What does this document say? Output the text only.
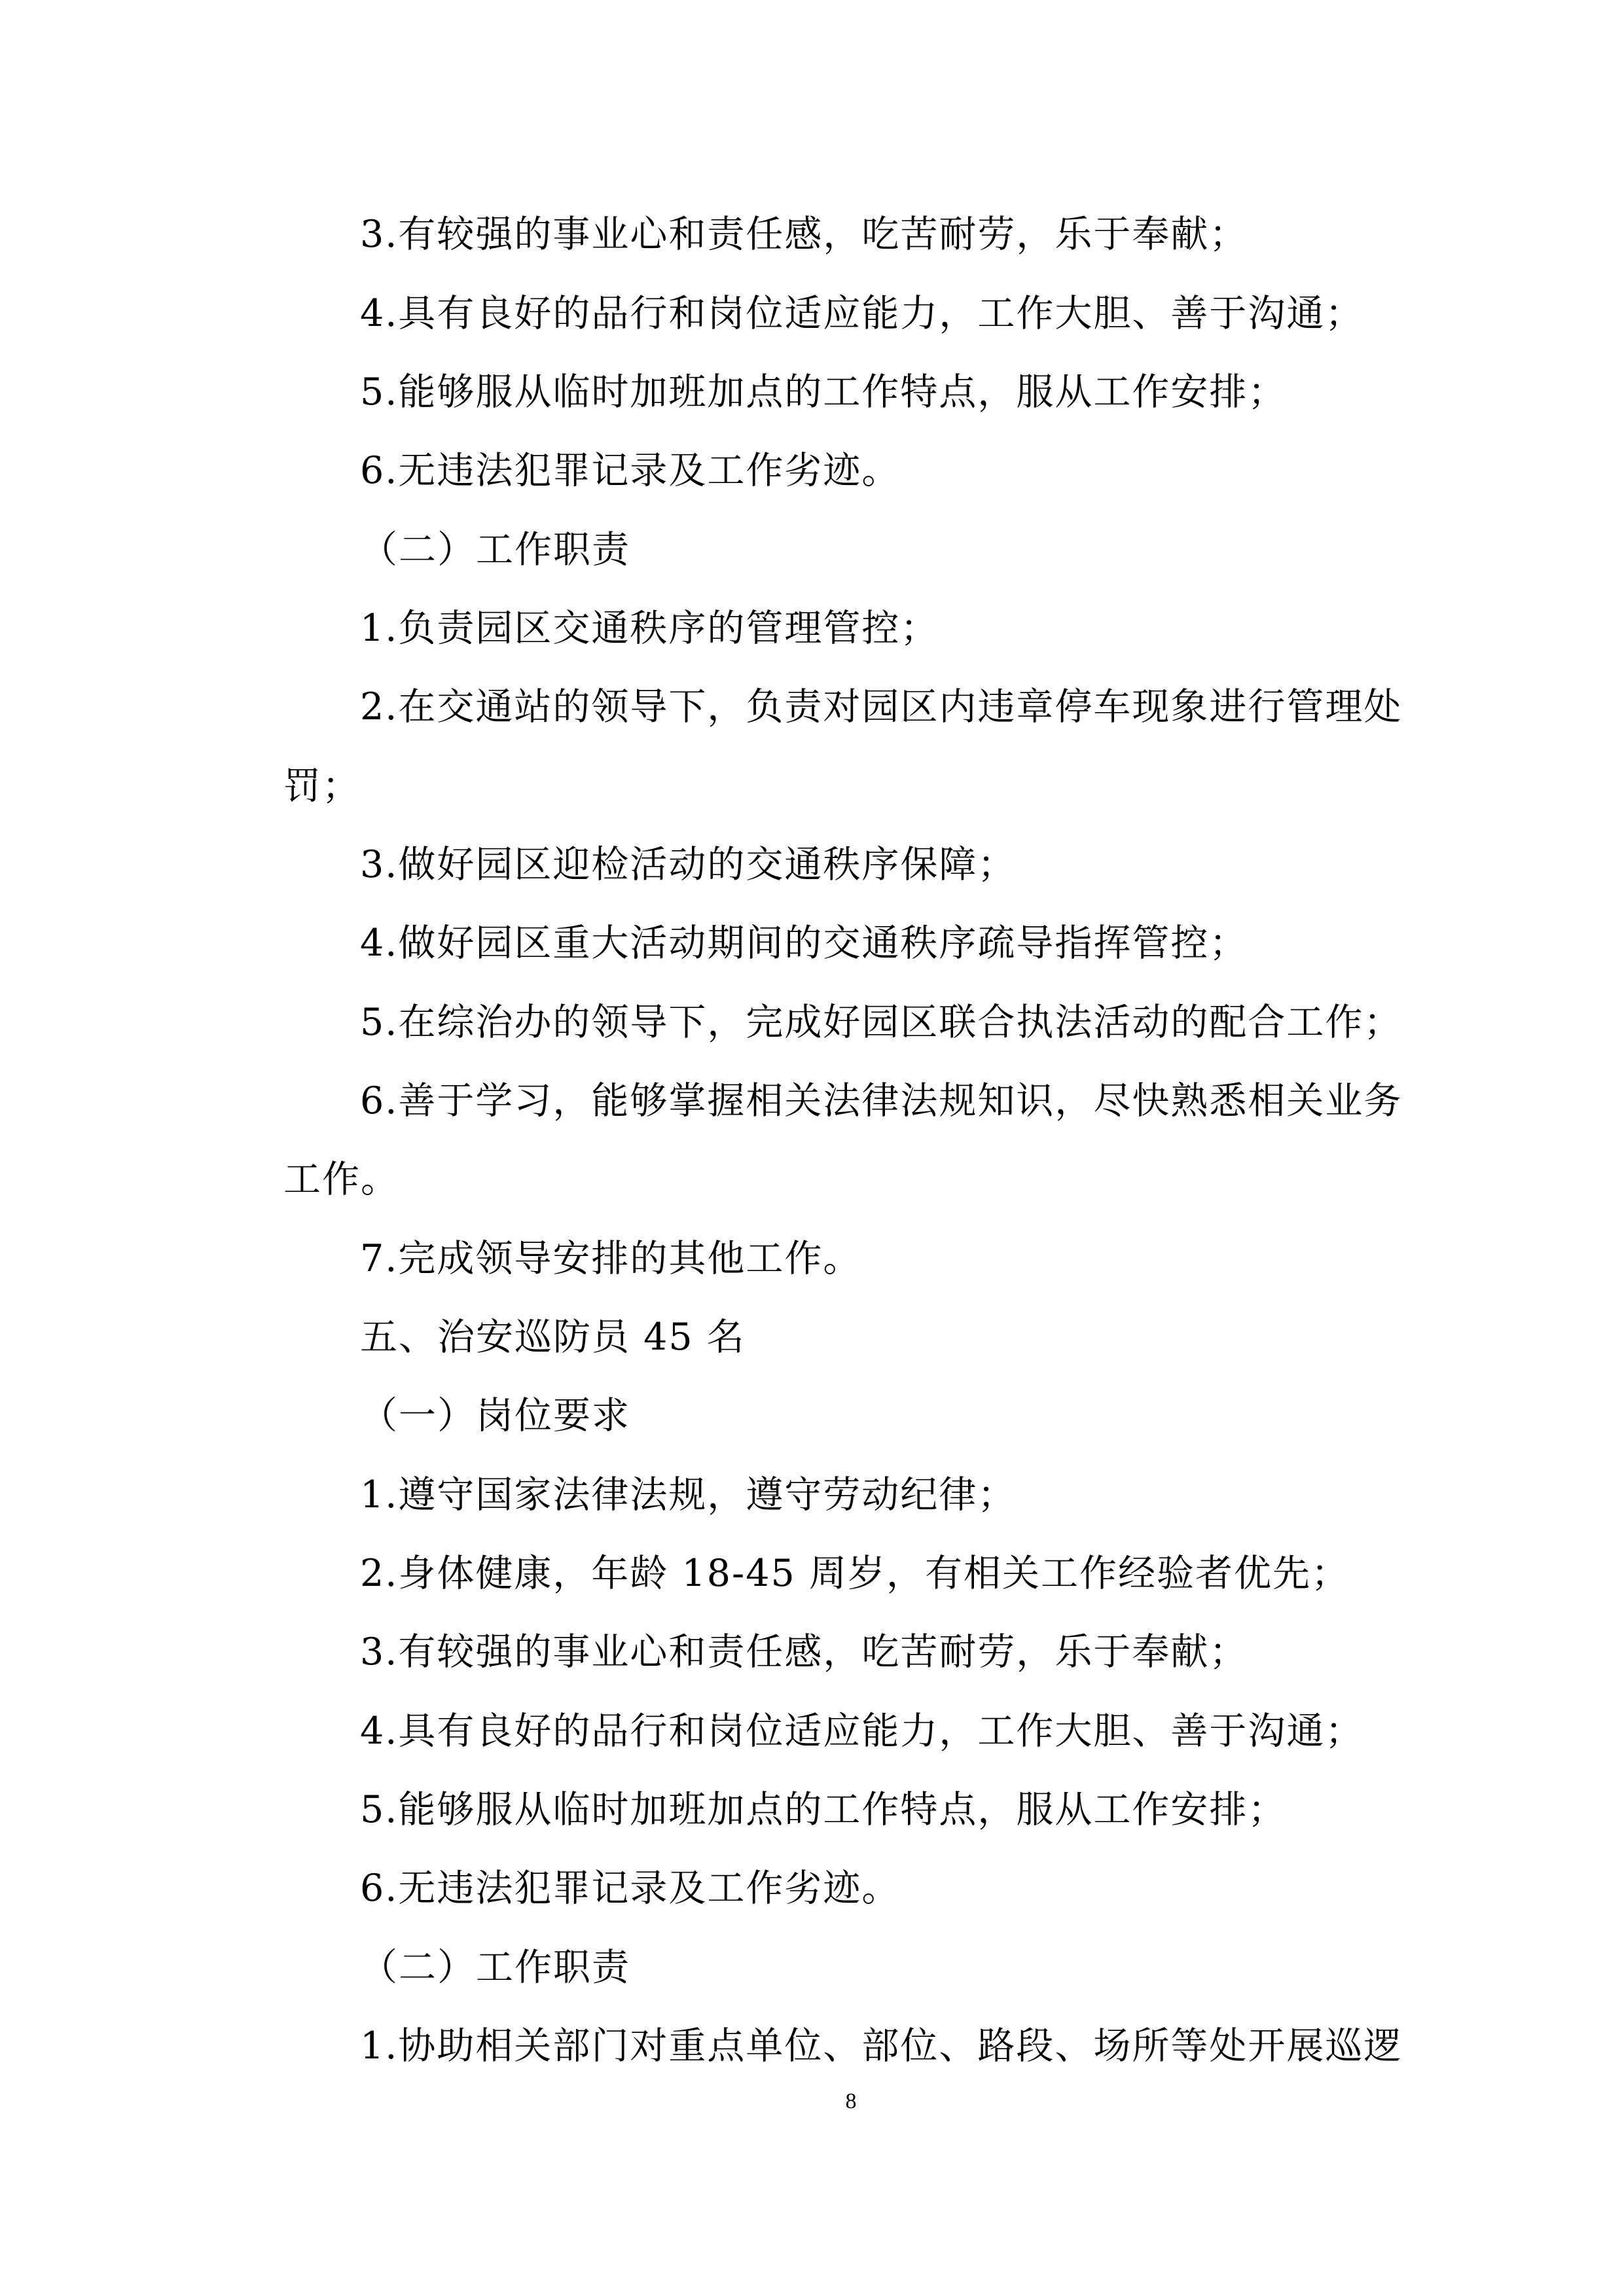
3.有较强的事业心和责任感，吃苦耐劳，乐于奉献；
4.具有良好的品行和岗位适应能力，工作大胆、善于沟通；
5.能够服从临时加班加点的工作特点，服从工作安排；
6.无违法犯罪记录及工作劣迹。
（二）工作职责
1.负责园区交通秩序的管理管控；
2.在交通站的领导下，负责对园区内违章停车现象进行管理处
罚；
3.做好园区迎检活动的交通秩序保障；
4.做好园区重大活动期间的交通秩序疏导指挥管控；
5.在综治办的领导下，完成好园区联合执法活动的配合工作；
6.善于学习，能够掌握相关法律法规知识，尽快熟悉相关业务
工作。
7.完成领导安排的其他工作。
五、治安巡防员 45 名
（一）岗位要求
1.遵守国家法律法规，遵守劳动纪律；
2.身体健康，年龄 18-45 周岁，有相关工作经验者优先；
3.有较强的事业心和责任感，吃苦耐劳，乐于奉献；
4.具有良好的品行和岗位适应能力，工作大胆、善于沟通；
5.能够服从临时加班加点的工作特点，服从工作安排；
6.无违法犯罪记录及工作劣迹。
（二）工作职责
1.协助相关部门对重点单位、部位、路段、场所等处开展巡逻
8
